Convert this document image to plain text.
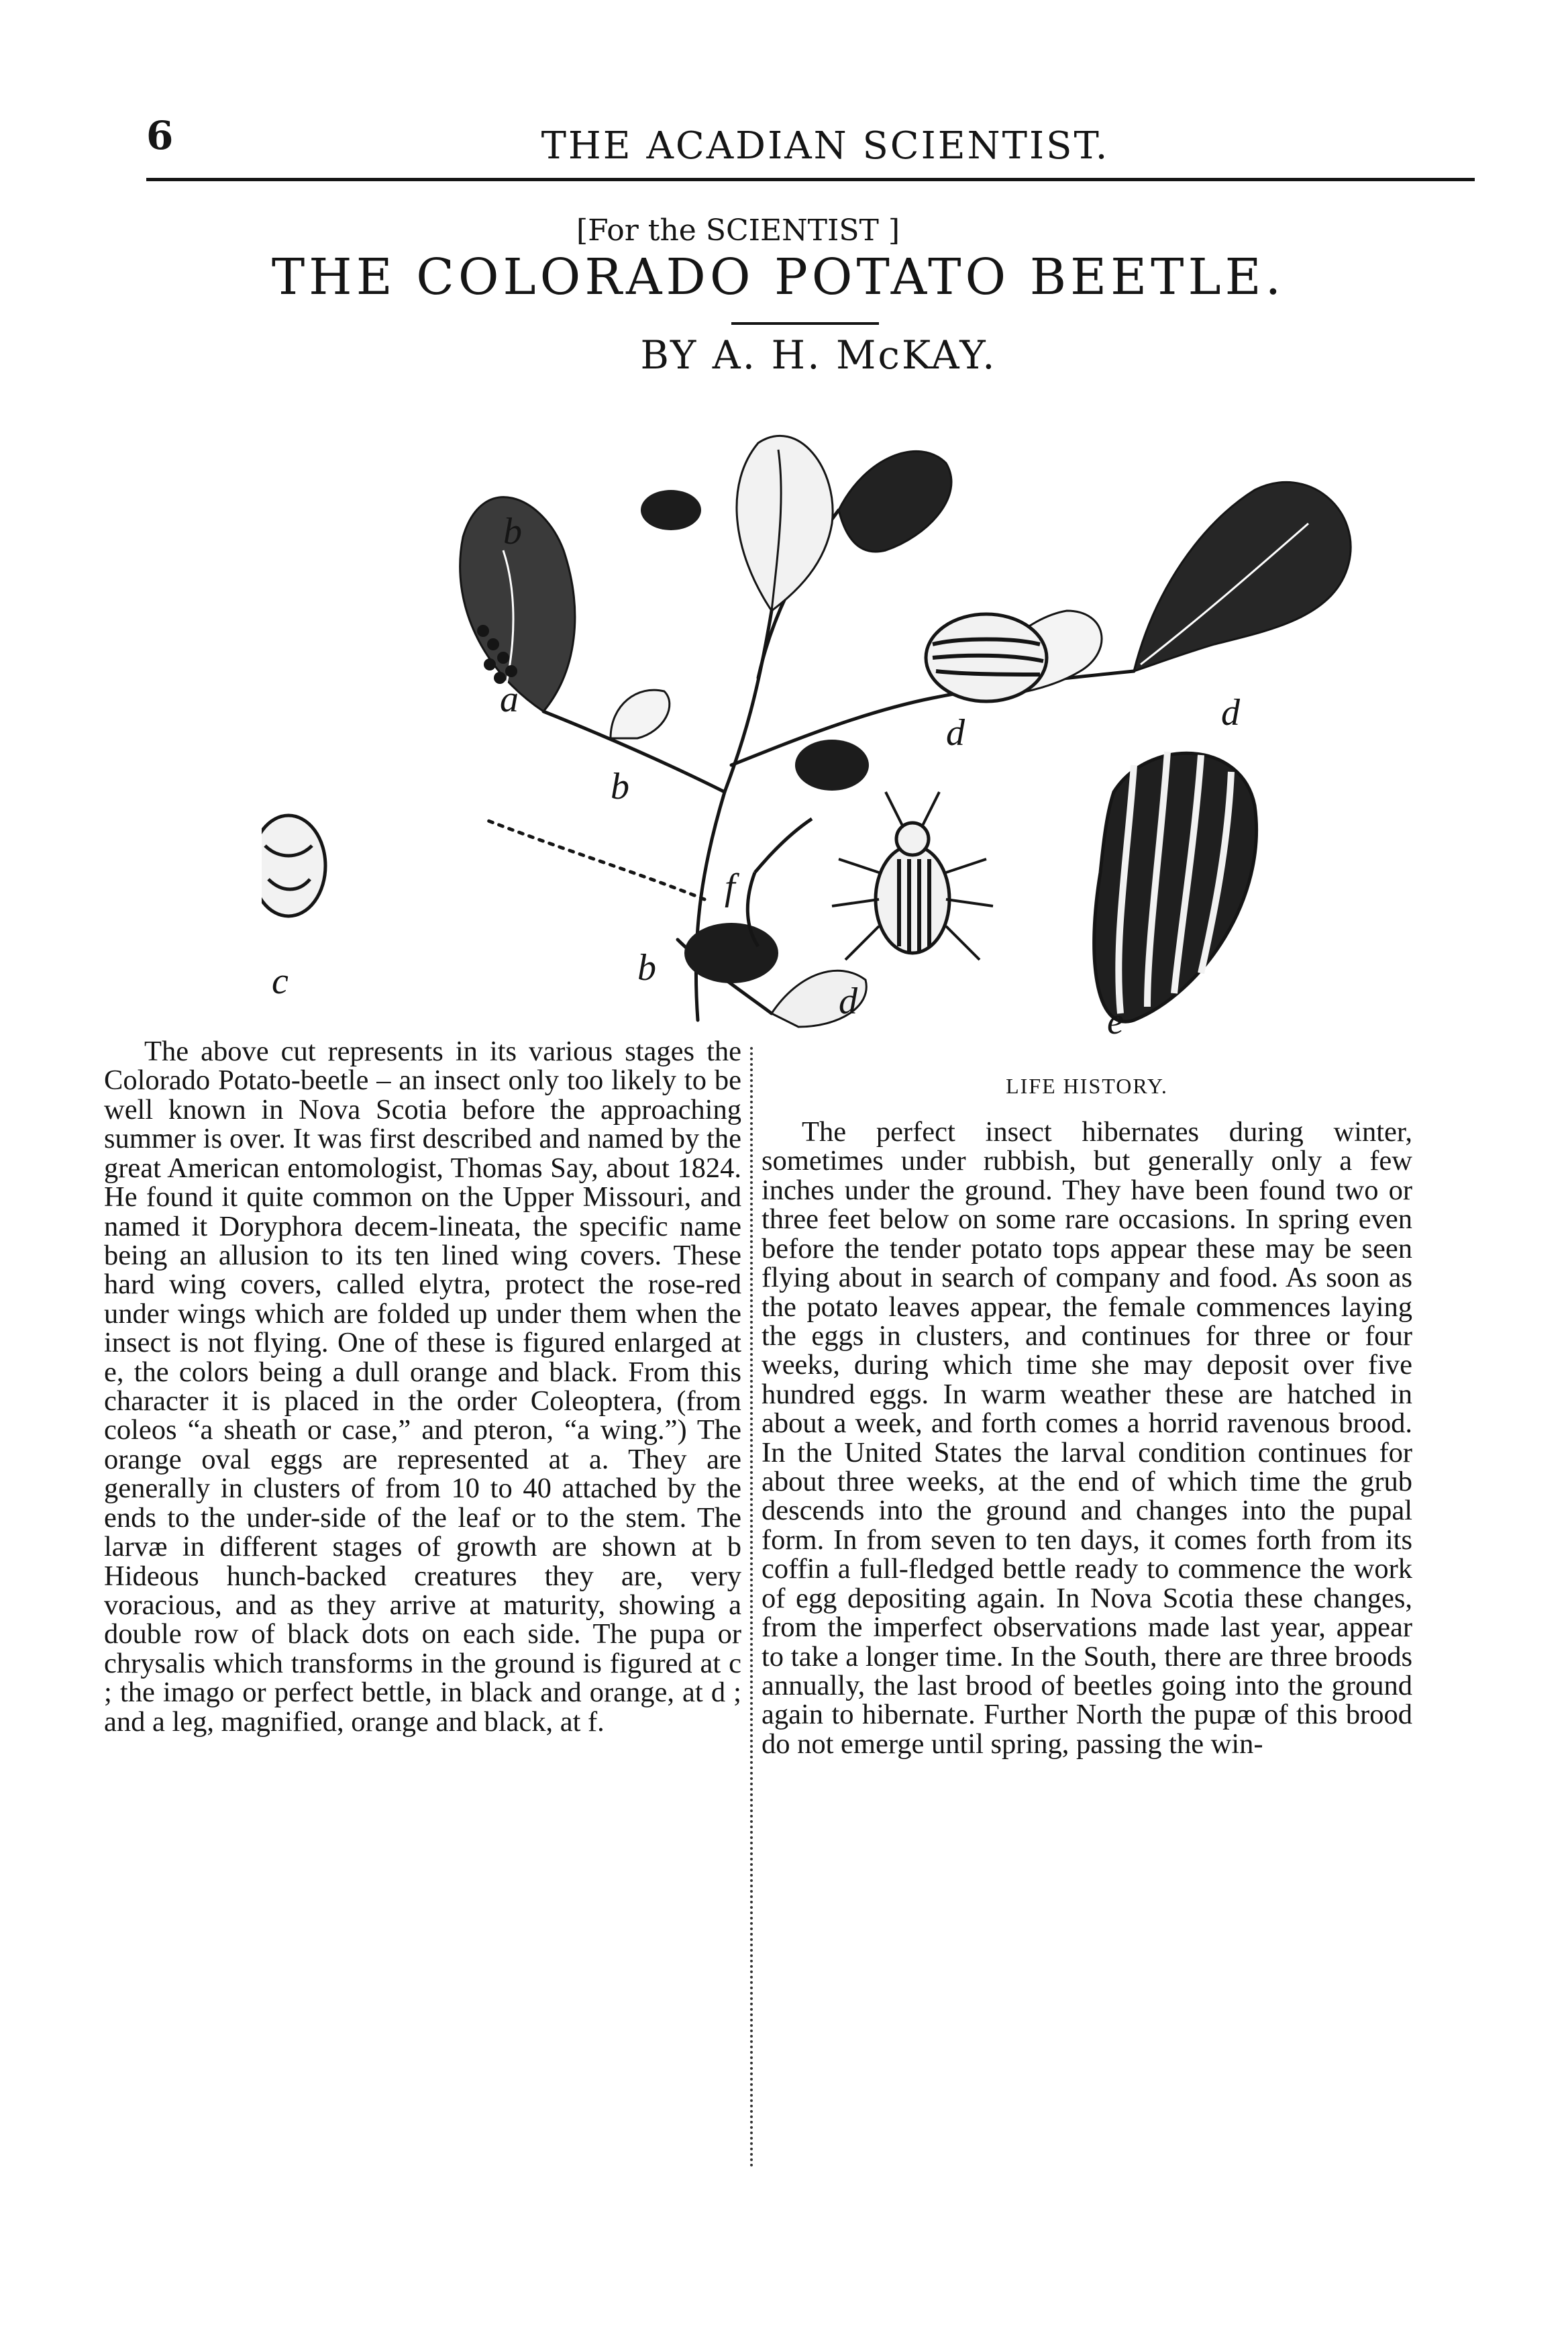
6	THE ACADIAN SCIENTIST.
[For the SCIENTIST ]
THE COLORADO POTATO BEETLE.
BY A. H. McKAY.
a
b
b
b
c
d	d
d	e
f

The above cut represents in its various stages the Colorado Potato-beetle – an insect only too likely to be well known in Nova Scotia before the approaching summer is over. It was first described and named by the great American entomologist, Thomas Say, about 1824. He found it quite common on the Upper Missouri, and named it Doryphora decem-lineata, the specific name being an allusion to its ten lined wing covers. These hard wing covers, called elytra, protect the rose-red under wings which are folded up under them when the insect is not flying. One of these is figured enlarged at e, the colors being a dull orange and black. From this character it is placed in the order Coleoptera, (from coleos “a sheath or case,” and pteron, “a wing.”) The orange oval eggs are represented at a. They are generally in clusters of from 10 to 40 attached by the ends to the under-side of the leaf or to the stem. The larvæ in different stages of growth are shown at b Hideous hunch-backed creatures they are, very voracious, and as they arrive at maturity, showing a double row of black dots on each side. The pupa or chrysalis which transforms in the ground is figured at c ; the imago or perfect bettle, in black and orange, at d ; and a leg, magnified, orange and black, at f.

LIFE HISTORY.

The perfect insect hibernates during winter, sometimes under rubbish, but generally only a few inches under the ground. They have been found two or three feet below on some rare occasions. In spring even before the tender potato tops appear these may be seen flying about in search of company and food. As soon as the potato leaves appear, the female commences laying the eggs in clusters, and continues for three or four weeks, during which time she may deposit over five hundred eggs. In warm weather these are hatched in about a week, and forth comes a horrid ravenous brood. In the United States the larval condition continues for about three weeks, at the end of which time the grub descends into the ground and changes into the pupal form. In from seven to ten days, it comes forth from its coffin a full-fledged bettle ready to commence the work of egg depositing again. In Nova Scotia these changes, from the imperfect observations made last year, appear to take a longer time. In the South, there are three broods annually, the last brood of beetles going into the ground again to hibernate. Further North the pupæ of this brood do not emerge until spring, passing the win-
